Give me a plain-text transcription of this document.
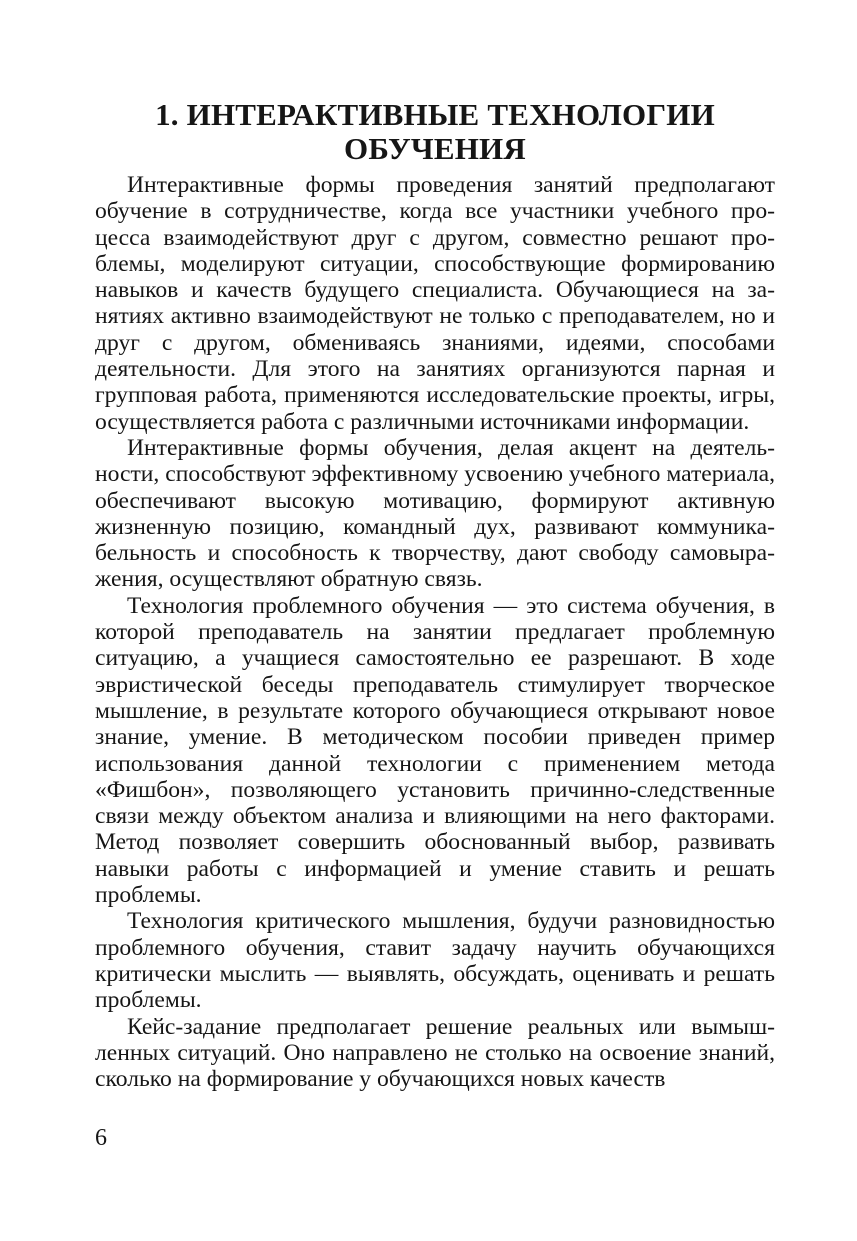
1. ИНТЕРАКТИВНЫЕ ТЕХНОЛОГИИ
ОБУЧЕНИЯ

Интерактивные формы проведения занятий предполагают обучение в сотрудничестве, когда все участники учебного процесса взаимодействуют друг с другом, совместно решают проблемы, моделируют ситуации, способствующие формированию навыков и качеств будущего специалиста. Обучающиеся на занятиях активно взаимодействуют не только с преподавателем, но и друг с другом, обмениваясь знаниями, идеями, способами деятельности. Для этого на занятиях организуются парная и групповая работа, применяются исследовательские проекты, игры, осуществляется работа с различными источниками информации.

Интерактивные формы обучения, делая акцент на деятельности, способствуют эффективному усвоению учебного материала, обеспечивают высокую мотивацию, формируют активную жизненную позицию, командный дух, развивают коммуникабельность и способность к творчеству, дают свободу самовыражения, осуществляют обратную связь.

Технология проблемного обучения — это система обучения, в которой преподаватель на занятии предлагает проблемную ситуацию, а учащиеся самостоятельно ее разрешают. В ходе эвристической беседы преподаватель стимулирует творческое мышление, в результате которого обучающиеся открывают новое знание, умение. В методическом пособии приведен пример использования данной технологии с применением метода «Фишбон», позволяющего установить причинно-следственные связи между объектом анализа и влияющими на него факторами. Метод позволяет совершить обоснованный выбор, развивать навыки работы с информацией и умение ставить и решать проблемы.

Технология критического мышления, будучи разновидностью проблемного обучения, ставит задачу научить обучающихся критически мыслить — выявлять, обсуждать, оценивать и решать проблемы.

Кейс-задание предполагает решение реальных или вымышленных ситуаций. Оно направлено не столько на освоение знаний, сколько на формирование у обучающихся новых качеств

6
